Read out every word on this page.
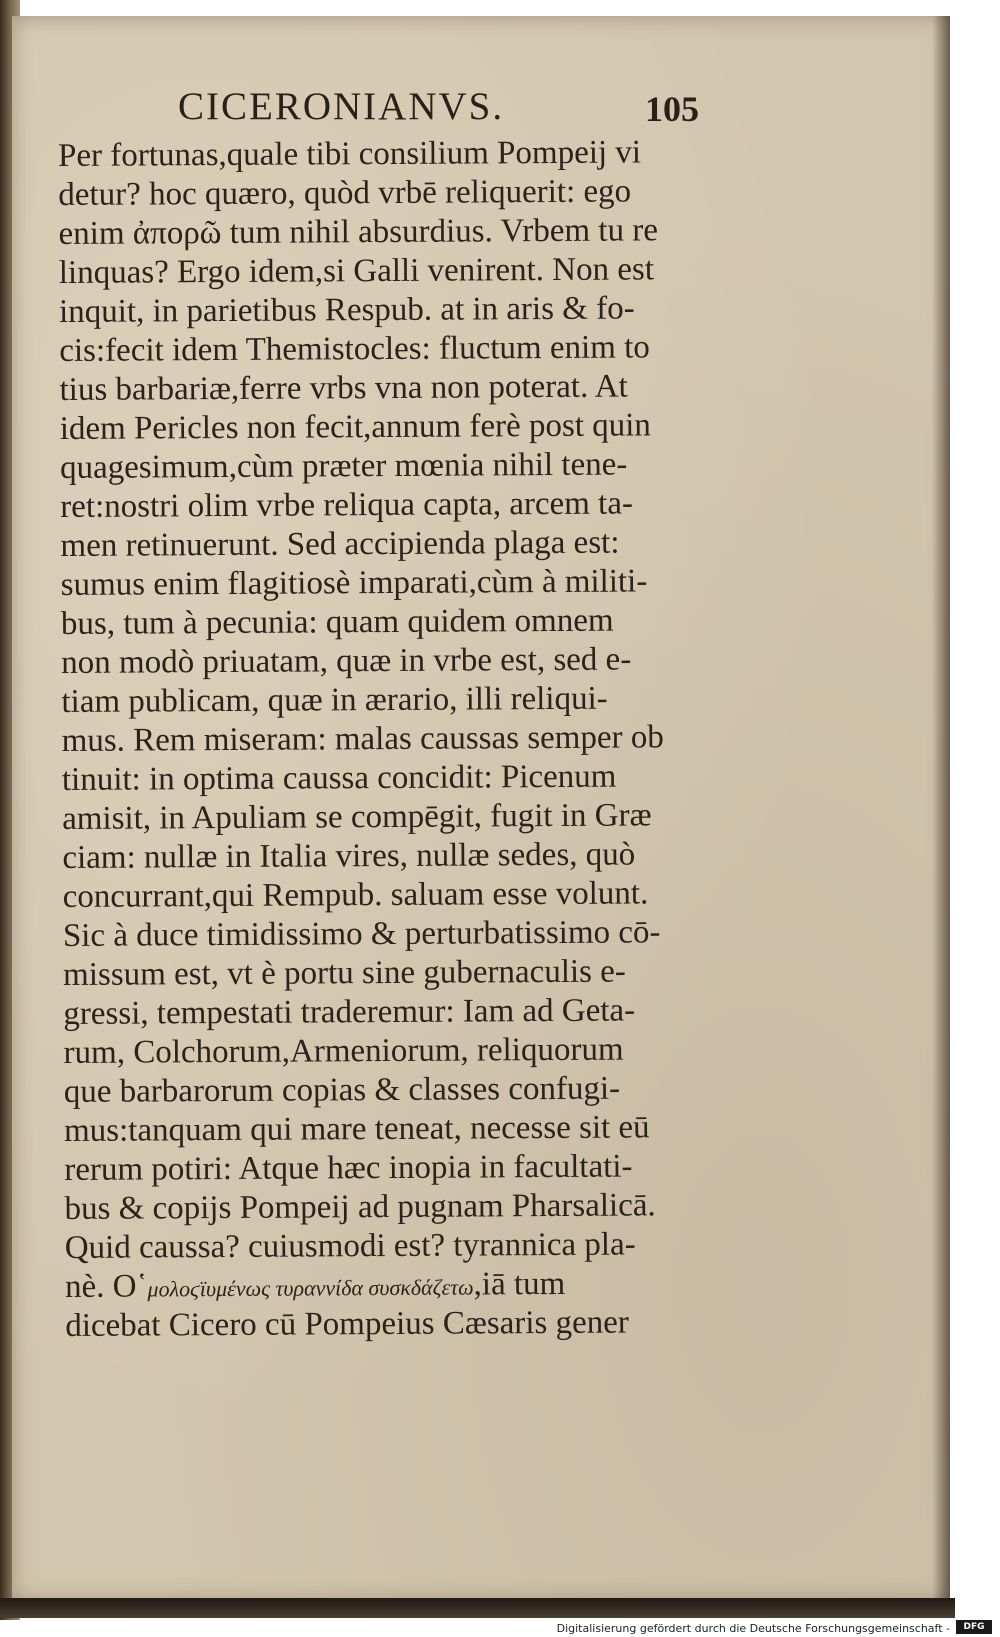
CICERONIANVS.	105
Per fortunas,quale tibi consilium Pompeij vi
detur? hoc quæro, quòd vrbē reliquerit: ego
enim ἀπορῶ tum nihil absurdius. Vrbem tu re
linquas? Ergo idem,si Galli venirent. Non est
inquit, in parietibus Respub. at in aris & fo-
cis:fecit idem Themistocles: fluctum enim to
tius barbariæ,ferre vrbs vna non poterat. At
idem Pericles non fecit,annum ferè post quin
quagesimum,cùm præter mœnia nihil tene-
ret:nostri olim vrbe reliqua capta, arcem ta-
men retinuerunt. Sed accipienda plaga est:
sumus enim flagitiosè imparati,cùm à militi-
bus, tum à pecunia: quam quidem omnem
non modò priuatam, quæ in vrbe est, sed e-
tiam publicam, quæ in ærario, illi reliqui-
mus. Rem miseram: malas caussas semper ob
tinuit: in optima caussa concidit: Picenum
amisit, in Apuliam se compēgit, fugit in Græ
ciam: nullæ in Italia vires, nullæ sedes, quò
concurrant,qui Rempub. saluam esse volunt.
Sic à duce timidissimo & perturbatissimo cō-
missum est, vt è portu sine gubernaculis e-
gressi, tempestati traderemur: Iam ad Geta-
rum, Colchorum,Armeniorum, reliquorum
que barbarorum copias & classes confugi-
mus:tanquam qui mare teneat, necesse sit eū
rerum potiri: Atque hæc inopia in facultati-
bus & copijs Pompeij ad pugnam Pharsalicā.
Quid caussa? cuiusmodi est? tyrannica pla-
nè. Ο῾μολοϛϊυμένως τυραννίδα συσκδάζετω,iā tum
dicebat Cicero cū Pompeius Cæsaris gener
Digitalisierung gefördert durch die Deutsche Forschungsgemeinschaft -	DFG
